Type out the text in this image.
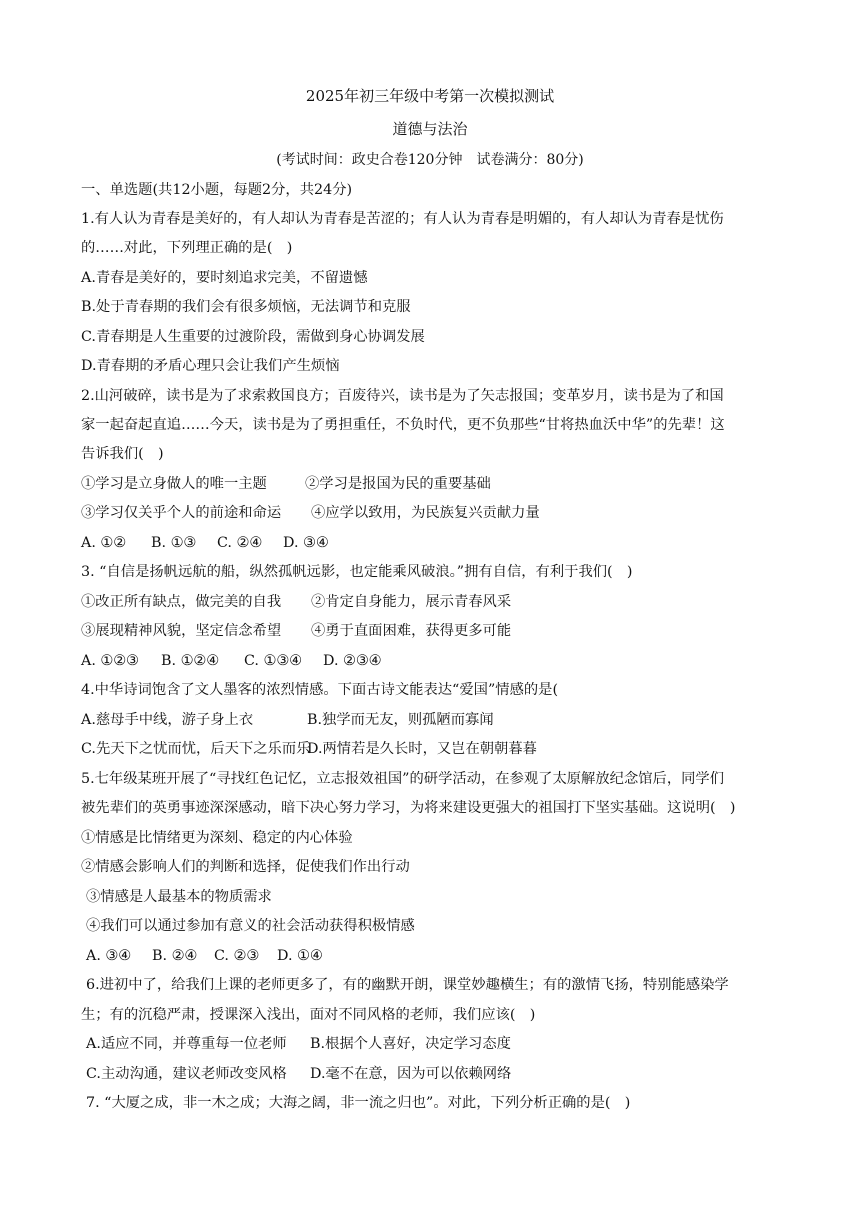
2025年初三年级中考第一次模拟测试
道德与法治
(考试时间：政史合卷120分钟　试卷满分：80分)
一、单选题(共12小题，每题2分，共24分)
1.有人认为青春是美好的，有人却认为青春是苦涩的；有人认为青春是明媚的，有人却认为青春是忧伤
的……对此，下列理正确的是(　)
A.青春是美好的，要时刻追求完美，不留遗憾
B.处于青春期的我们会有很多烦恼，无法调节和克服
C.青春期是人生重要的过渡阶段，需做到身心协调发展
D.青春期的矛盾心理只会让我们产生烦恼
2.山河破碎，读书是为了求索救国良方；百废待兴，读书是为了矢志报国；变革岁月，读书是为了和国
家一起奋起直追……今天，读书是为了勇担重任，不负时代，更不负那些“甘将热血沃中华”的先辈！这
告诉我们(　)
①学习是立身做人的唯一主题	②学习是报国为民的重要基础
③学习仅关乎个人的前途和命运 ④应学以致用，为民族复兴贡献力量
A. ①② B. ①③ C. ②④ D. ③④
3. “自信是扬帆远航的船，纵然孤帆远影，也定能乘风破浪。”拥有自信，有利于我们(　)
①改正所有缺点，做完美的自我 ②肯定自身能力，展示青春风采
③展现精神风貌，坚定信念希望 ④勇于直面困难，获得更多可能
A. ①②③ B. ①②④ C. ①③④ D. ②③④
4.中华诗词饱含了文人墨客的浓烈情感。下面古诗文能表达“爱国”情感的是(
A.慈母手中线，游子身上衣	B.独学而无友，则孤陋而寡闻
C.先天下之忧而忧，后天下之乐而乐D.两情若是久长时，又岂在朝朝暮暮
5.七年级某班开展了“寻找红色记忆，立志报效祖国”的研学活动，在参观了太原解放纪念馆后，同学们
被先辈们的英勇事迹深深感动，暗下决心努力学习，为将来建设更强大的祖国打下坚实基础。这说明(　)
①情感是比情绪更为深刻、稳定的内心体验
②情感会影响人们的判断和选择，促使我们作出行动
③情感是人最基本的物质需求
④我们可以通过参加有意义的社会活动获得积极情感
A. ③④ B. ②④ C. ②③ D. ①④
6.进初中了，给我们上课的老师更多了，有的幽默开朗，课堂妙趣横生；有的激情飞扬，特别能感染学
生；有的沉稳严肃，授课深入浅出，面对不同风格的老师，我们应该(　)
A.适应不同，并尊重每一位老师 B.根据个人喜好，决定学习态度
C.主动沟通，建议老师改变风格 D.毫不在意，因为可以依赖网络
7. “大厦之成，非一木之成；大海之阔，非一流之归也”。对此，下列分析正确的是(　)
